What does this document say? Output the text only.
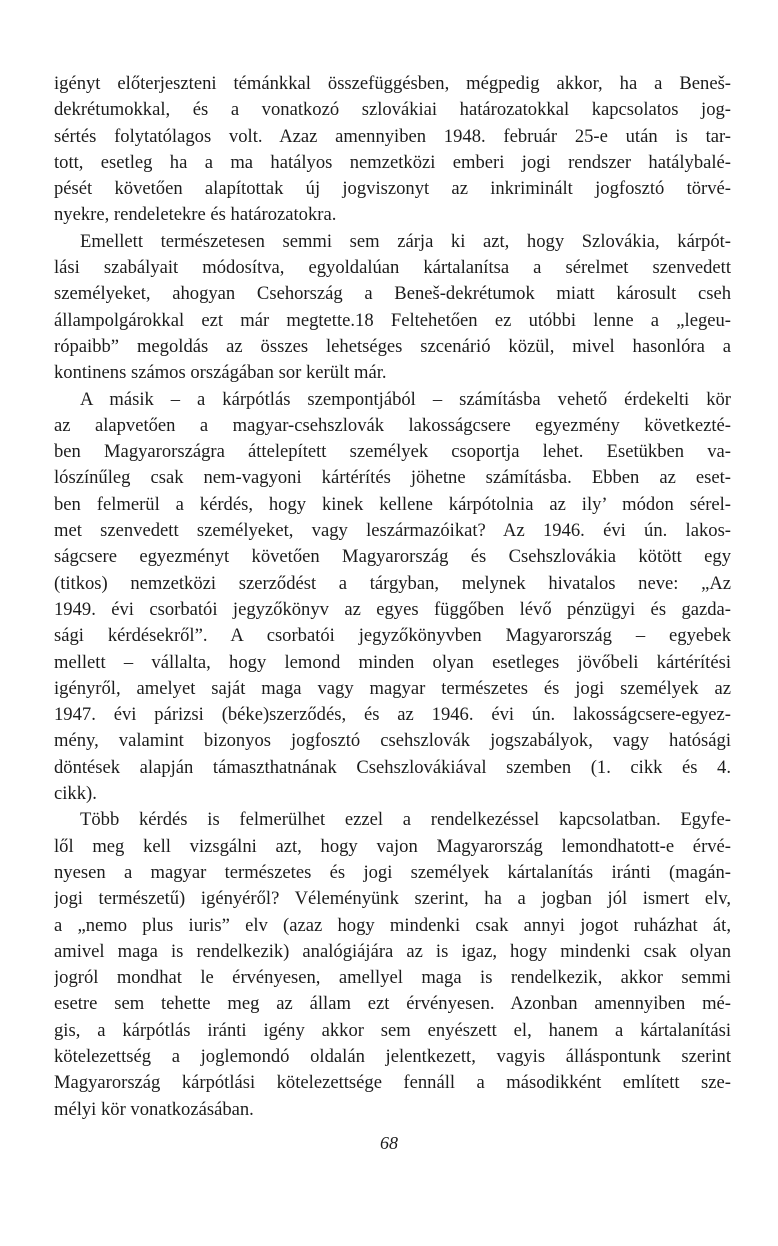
igényt előterjeszteni témánkkal összefüggésben, mégpedig akkor, ha a Beneš-
dekrétumokkal, és a vonatkozó szlovákiai határozatokkal kapcsolatos jog-
sértés folytatólagos volt. Azaz amennyiben 1948. február 25-e után is tar-
tott, esetleg ha a ma hatályos nemzetközi emberi jogi rendszer hatálybalé-
pését követően alapítottak új jogviszonyt az inkriminált jogfosztó törvé-
nyekre, rendeletekre és határozatokra.
Emellett természetesen semmi sem zárja ki azt, hogy Szlovákia, kárpót-
lási szabályait módosítva, egyoldalúan kártalanítsa a sérelmet szenvedett
személyeket, ahogyan Csehország a Beneš-dekrétumok miatt károsult cseh
állampolgárokkal ezt már megtette.18 Feltehetően ez utóbbi lenne a „legeu-
rópaibb” megoldás az összes lehetséges szcenárió közül, mivel hasonlóra a
kontinens számos országában sor került már.
A másik – a kárpótlás szempontjából – számításba vehető érdekelti kör
az alapvetően a magyar-csehszlovák lakosságcsere egyezmény következté-
ben Magyarországra áttelepített személyek csoportja lehet. Esetükben va-
lószínűleg csak nem-vagyoni kártérítés jöhetne számításba. Ebben az eset-
ben felmerül a kérdés, hogy kinek kellene kárpótolnia az ily’ módon sérel-
met szenvedett személyeket, vagy leszármazóikat? Az 1946. évi ún. lakos-
ságcsere egyezményt követően Magyarország és Csehszlovákia kötött egy
(titkos) nemzetközi szerződést a tárgyban, melynek hivatalos neve: „Az
1949. évi csorbatói jegyzőkönyv az egyes függőben lévő pénzügyi és gazda-
sági kérdésekről”. A csorbatói jegyzőkönyvben Magyarország – egyebek
mellett – vállalta, hogy lemond minden olyan esetleges jövőbeli kártérítési
igényről, amelyet saját maga vagy magyar természetes és jogi személyek az
1947. évi párizsi (béke)szerződés, és az 1946. évi ún. lakosságcsere-egyez-
mény, valamint bizonyos jogfosztó csehszlovák jogszabályok, vagy hatósági
döntések alapján támaszthatnának Csehszlovákiával szemben (1. cikk és 4.
cikk).
Több kérdés is felmerülhet ezzel a rendelkezéssel kapcsolatban. Egyfe-
lől meg kell vizsgálni azt, hogy vajon Magyarország lemondhatott-e érvé-
nyesen a magyar természetes és jogi személyek kártalanítás iránti (magán-
jogi természetű) igényéről? Véleményünk szerint, ha a jogban jól ismert elv,
a „nemo plus iuris” elv (azaz hogy mindenki csak annyi jogot ruházhat át,
amivel maga is rendelkezik) analógiájára az is igaz, hogy mindenki csak olyan
jogról mondhat le érvényesen, amellyel maga is rendelkezik, akkor semmi
esetre sem tehette meg az állam ezt érvényesen. Azonban amennyiben mé-
gis, a kárpótlás iránti igény akkor sem enyészett el, hanem a kártalanítási
kötelezettség a joglemondó oldalán jelentkezett, vagyis álláspontunk szerint
Magyarország kárpótlási kötelezettsége fennáll a másodikként említett sze-
mélyi kör vonatkozásában.
68
